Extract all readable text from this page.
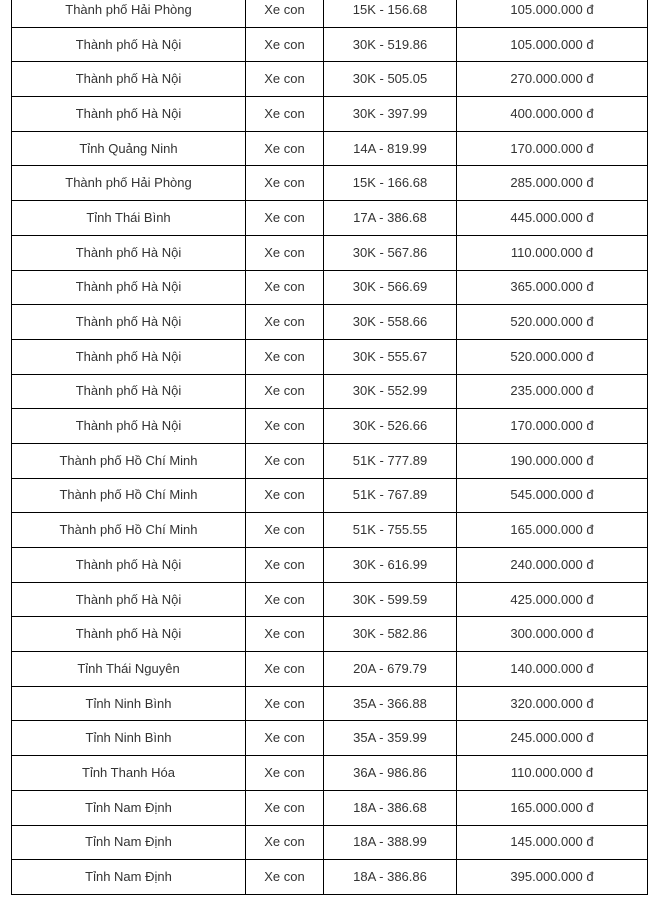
Thành phố Hải Phòng	Xe con	15K - 156.68	105.000.000 đ
Thành phố Hà Nội	Xe con	30K - 519.86	105.000.000 đ
Thành phố Hà Nội	Xe con	30K - 505.05	270.000.000 đ
Thành phố Hà Nội	Xe con	30K - 397.99	400.000.000 đ
Tỉnh Quảng Ninh	Xe con	14A - 819.99	170.000.000 đ
Thành phố Hải Phòng	Xe con	15K - 166.68	285.000.000 đ
Tỉnh Thái Bình	Xe con	17A - 386.68	445.000.000 đ
Thành phố Hà Nội	Xe con	30K - 567.86	110.000.000 đ
Thành phố Hà Nội	Xe con	30K - 566.69	365.000.000 đ
Thành phố Hà Nội	Xe con	30K - 558.66	520.000.000 đ
Thành phố Hà Nội	Xe con	30K - 555.67	520.000.000 đ
Thành phố Hà Nội	Xe con	30K - 552.99	235.000.000 đ
Thành phố Hà Nội	Xe con	30K - 526.66	170.000.000 đ
Thành phố Hồ Chí Minh	Xe con	51K - 777.89	190.000.000 đ
Thành phố Hồ Chí Minh	Xe con	51K - 767.89	545.000.000 đ
Thành phố Hồ Chí Minh	Xe con	51K - 755.55	165.000.000 đ
Thành phố Hà Nội	Xe con	30K - 616.99	240.000.000 đ
Thành phố Hà Nội	Xe con	30K - 599.59	425.000.000 đ
Thành phố Hà Nội	Xe con	30K - 582.86	300.000.000 đ
Tỉnh Thái Nguyên	Xe con	20A - 679.79	140.000.000 đ
Tỉnh Ninh Bình	Xe con	35A - 366.88	320.000.000 đ
Tỉnh Ninh Bình	Xe con	35A - 359.99	245.000.000 đ
Tỉnh Thanh Hóa	Xe con	36A - 986.86	110.000.000 đ
Tỉnh Nam Định	Xe con	18A - 386.68	165.000.000 đ
Tỉnh Nam Định	Xe con	18A - 388.99	145.000.000 đ
Tỉnh Nam Định	Xe con	18A - 386.86	395.000.000 đ
